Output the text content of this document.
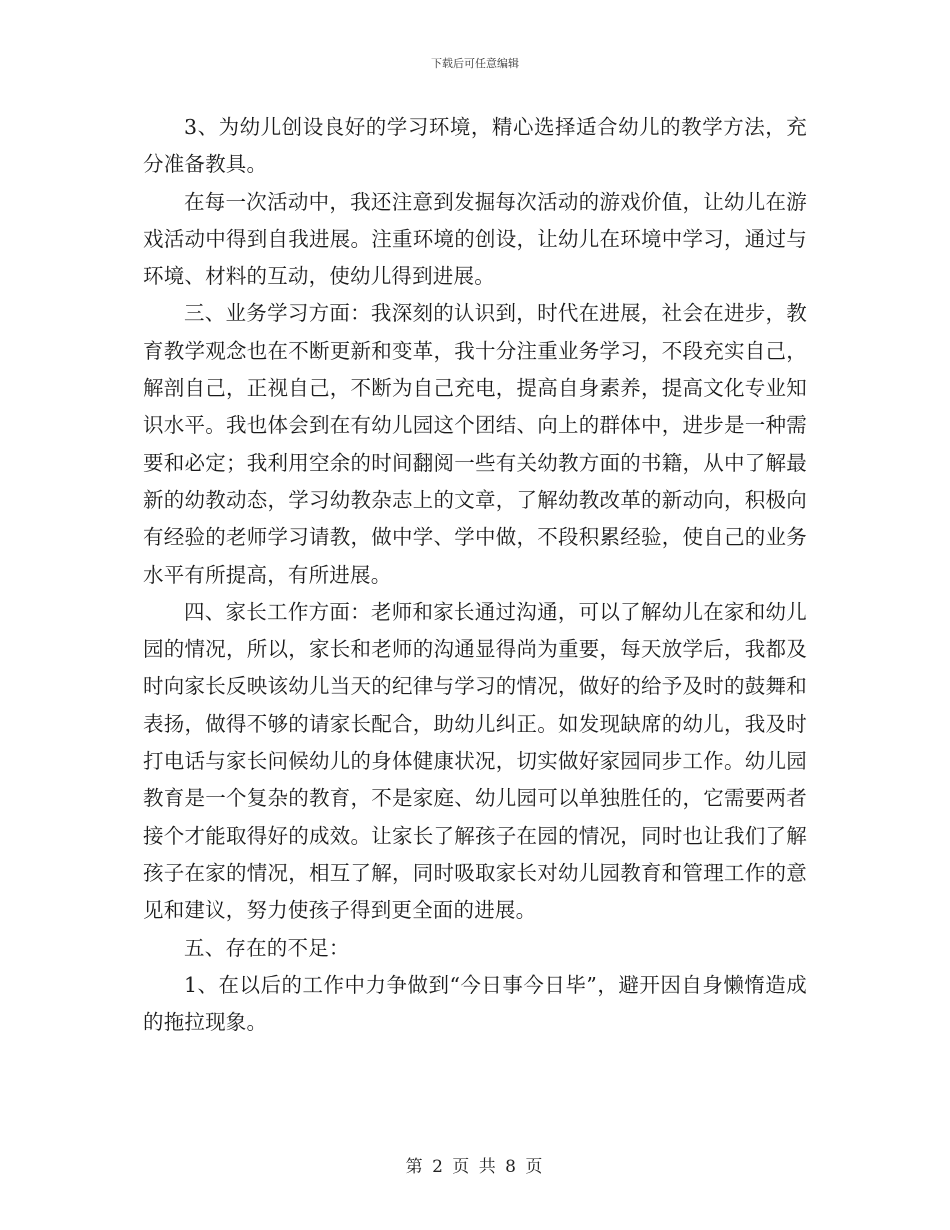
下载后可任意编辑

3、为幼儿创设良好的学习环境，精心选择适合幼儿的教学方法，充分准备教具。

在每一次活动中，我还注意到发掘每次活动的游戏价值，让幼儿在游戏活动中得到自我进展。注重环境的创设，让幼儿在环境中学习，通过与环境、材料的互动，使幼儿得到进展。

三、业务学习方面：我深刻的认识到，时代在进展，社会在进步，教育教学观念也在不断更新和变革，我十分注重业务学习，不段充实自己，解剖自己，正视自己，不断为自己充电，提高自身素养，提高文化专业知识水平。我也体会到在有幼儿园这个团结、向上的群体中，进步是一种需要和必定；我利用空余的时间翻阅一些有关幼教方面的书籍，从中了解最新的幼教动态，学习幼教杂志上的文章，了解幼教改革的新动向，积极向有经验的老师学习请教，做中学、学中做，不段积累经验，使自己的业务水平有所提高，有所进展。

四、家长工作方面：老师和家长通过沟通，可以了解幼儿在家和幼儿园的情况，所以，家长和老师的沟通显得尚为重要，每天放学后，我都及时向家长反映该幼儿当天的纪律与学习的情况，做好的给予及时的鼓舞和表扬，做得不够的请家长配合，助幼儿纠正。如发现缺席的幼儿，我及时打电话与家长问候幼儿的身体健康状况，切实做好家园同步工作。幼儿园教育是一个复杂的教育，不是家庭、幼儿园可以单独胜任的，它需要两者接个才能取得好的成效。让家长了解孩子在园的情况，同时也让我们了解孩子在家的情况，相互了解，同时吸取家长对幼儿园教育和管理工作的意见和建议，努力使孩子得到更全面的进展。

五、存在的不足：

1、在以后的工作中力争做到“今日事今日毕”，避开因自身懒惰造成的拖拉现象。

第 2 页 共 8 页
